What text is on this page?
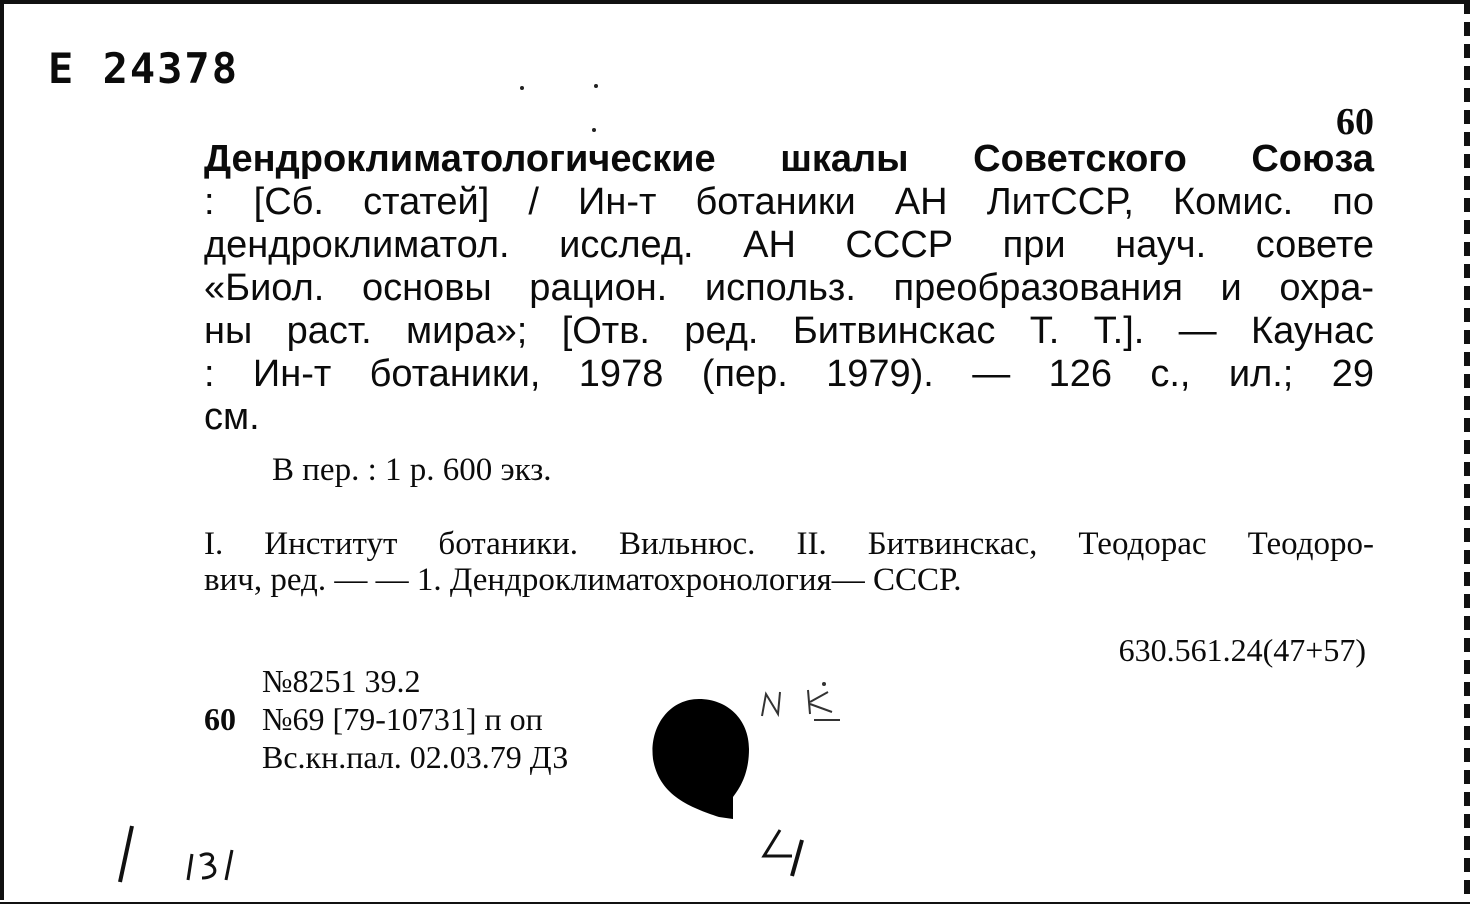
Е 24378
60
Дендроклиматологические шкалы Советского Союза
: [Сб. статей] / Ин-т ботаники АН ЛитССР, Комис. по
дендроклиматол. исслед. АН СССР при науч. совете
«Биол. основы рацион. использ. преобразования и охра-
ны раст. мира»; [Отв. ред. Битвинскас Т. Т.]. — Каунас
: Ин-т ботаники, 1978 (пер. 1979). — 126 с., ил.; 29
см.
В пер. : 1 р. 600 экз.
I. Институт ботаники. Вильнюс. II. Битвинскас, Теодорас Теодоро-
вич, ред. — — 1. Дендроклиматохронология— СССР.
630.561.24(47+57)
№8251 39.2
60 №69 [79-10731] п оп
Вс.кн.пал. 02.03.79 ДЗ
